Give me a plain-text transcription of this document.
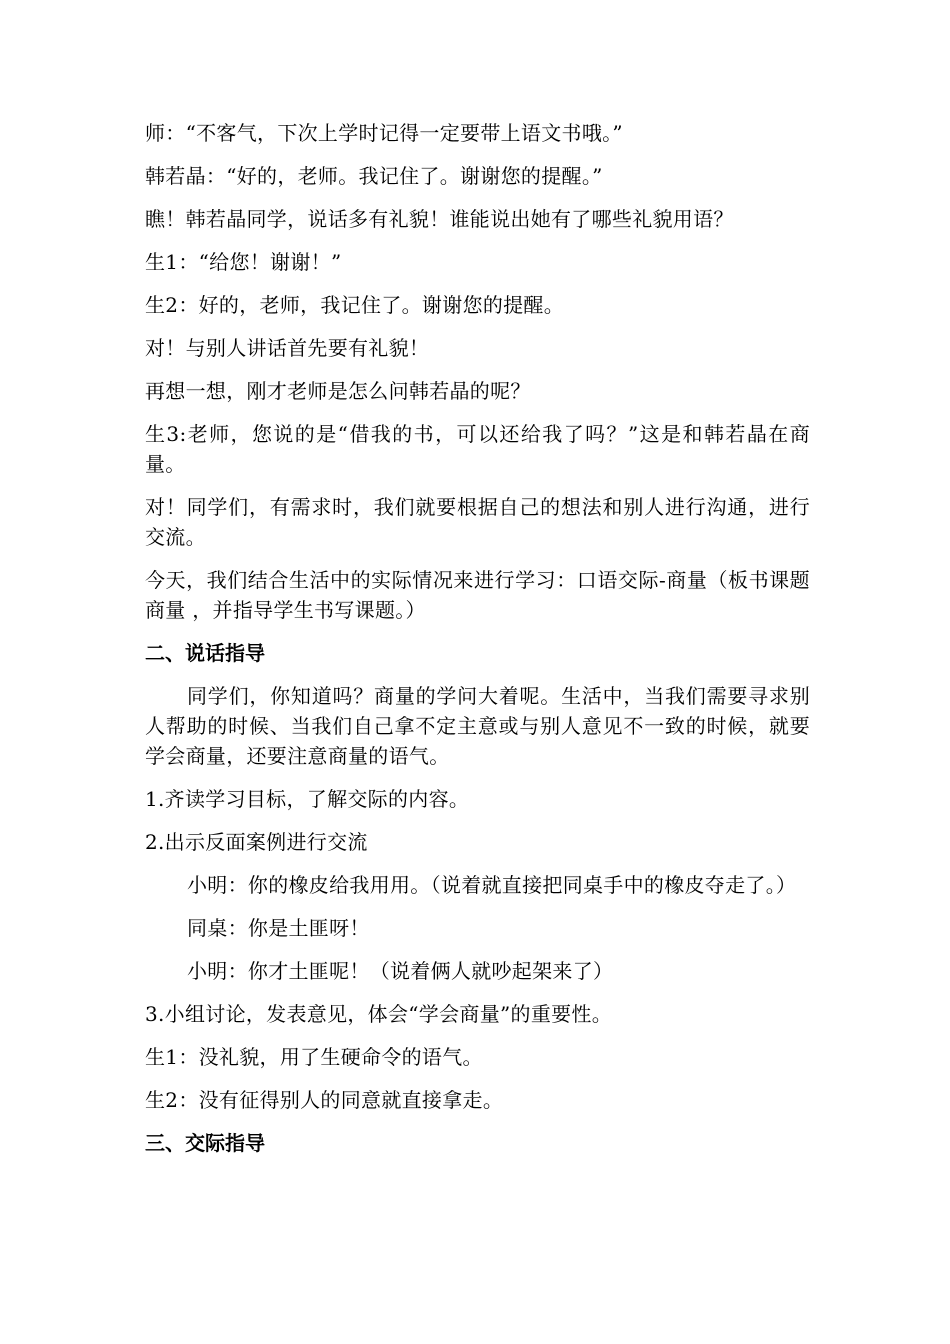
师：“不客气，下次上学时记得一定要带上语文书哦。”

韩若晶：“好的，老师。我记住了。谢谢您的提醒。”

瞧！韩若晶同学，说话多有礼貌！谁能说出她有了哪些礼貌用语？

生1：“给您！谢谢！”

生2：好的，老师，我记住了。谢谢您的提醒。

对！与别人讲话首先要有礼貌！

再想一想，刚才老师是怎么问韩若晶的呢？

生3:老师，您说的是“借我的书，可以还给我了吗？”这是和韩若晶在商量。

对！同学们，有需求时，我们就要根据自己的想法和别人进行沟通，进行交流。

今天，我们结合生活中的实际情况来进行学习：口语交际-商量（板书课题商量 ，并指导学生书写课题。）

二、说话指导

同学们，你知道吗？商量的学问大着呢。生活中，当我们需要寻求别人帮助的时候、当我们自己拿不定主意或与别人意见不一致的时候，就要学会商量，还要注意商量的语气。

1.齐读学习目标，了解交际的内容。

2.出示反面案例进行交流

小明：你的橡皮给我用用。（说着就直接把同桌手中的橡皮夺走了。）

同桌：你是土匪呀！

小明：你才土匪呢！（说着俩人就吵起架来了）

3.小组讨论，发表意见，体会“学会商量”的重要性。

生1：没礼貌，用了生硬命令的语气。

生2：没有征得别人的同意就直接拿走。

三、交际指导
